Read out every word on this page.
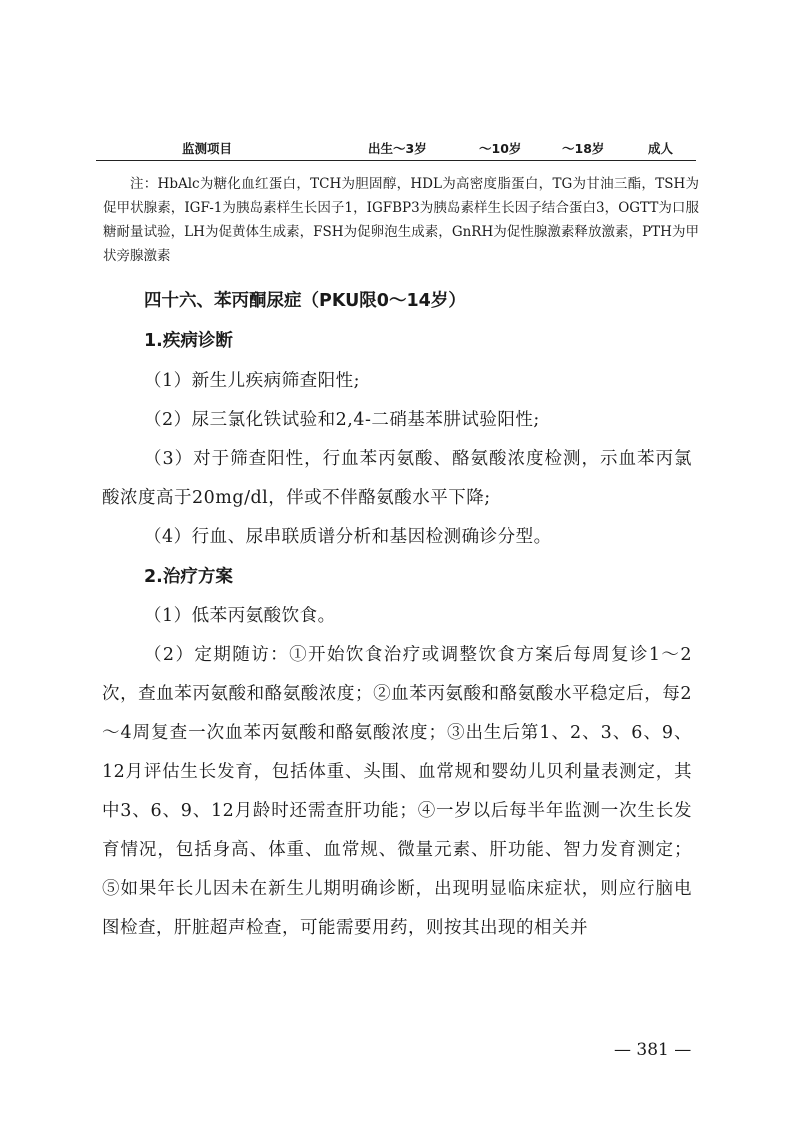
监测项目	出生～3岁	～10岁	～18岁	成人

注：HbAlc为糖化血红蛋白，TCH为胆固醇，HDL为高密度脂蛋白，TG为甘油三酯，TSH为促甲状腺素，IGF-1为胰岛素样生长因子1，IGFBP3为胰岛素样生长因子结合蛋白3，OGTT为口服糖耐量试验，LH为促黄体生成素，FSH为促卵泡生成素，GnRH为促性腺激素释放激素，PTH为甲状旁腺激素

四十六、苯丙酮尿症（PKU限0～14岁）
1.疾病诊断

（1）新生儿疾病筛查阳性;

（2）尿三氯化铁试验和2,4-二硝基苯肼试验阳性;

（3）对于筛查阳性，行血苯丙氨酸、酪氨酸浓度检测，示血苯丙氯酸浓度高于20mg/dl，伴或不伴酪氨酸水平下降;

（4）行血、尿串联质谱分析和基因检测确诊分型。

2.治疗方案

（1）低苯丙氨酸饮食。

（2）定期随访：①开始饮食治疗或调整饮食方案后每周复诊1～2次，查血苯丙氨酸和酪氨酸浓度；②血苯丙氨酸和酪氨酸水平稳定后，每2～4周复查一次血苯丙氨酸和酪氨酸浓度；③出生后第1、2、3、6、9、12月评估生长发育，包括体重、头围、血常规和婴幼儿贝利量表测定，其中3、6、9、12月龄时还需查肝功能；④一岁以后每半年监测一次生长发育情况，包括身高、体重、血常规、微量元素、肝功能、智力发育测定；⑤如果年长儿因未在新生儿期明确诊断，出现明显临床症状，则应行脑电图检查，肝脏超声检查，可能需要用药，则按其出现的相关并

— 381 —
